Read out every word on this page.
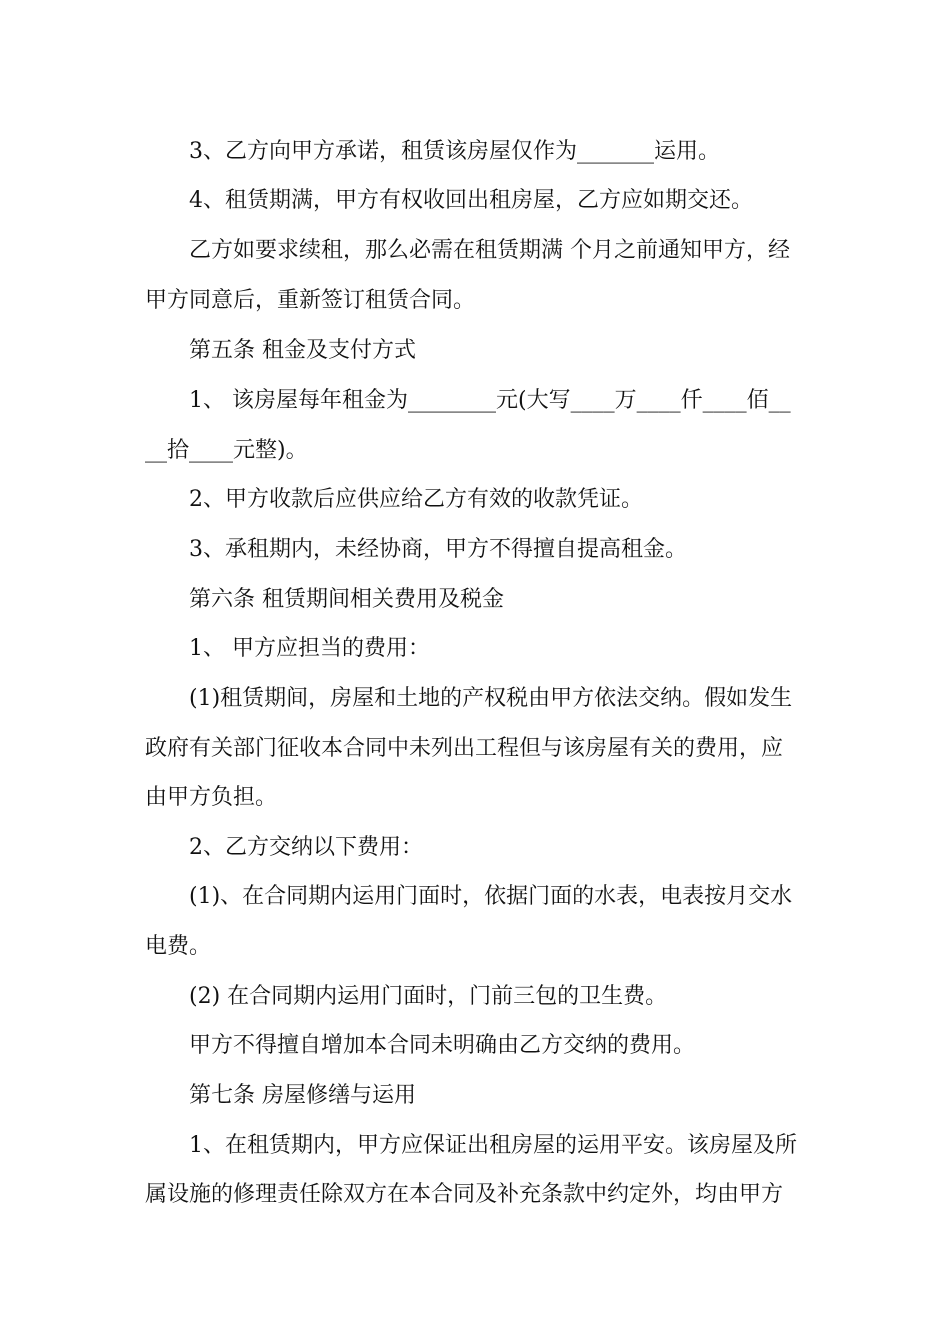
3、乙方向甲方承诺，租赁该房屋仅作为_______运用。
4、租赁期满，甲方有权收回出租房屋，乙方应如期交还。
乙方如要求续租，那么必需在租赁期满 个月之前通知甲方，经
甲方同意后，重新签订租赁合同。
第五条 租金及支付方式
1、 该房屋每年租金为________元(大写____万____仟____佰__
__拾____元整)。
2、甲方收款后应供应给乙方有效的收款凭证。
3、承租期内，未经协商，甲方不得擅自提高租金。
第六条 租赁期间相关费用及税金
1、 甲方应担当的费用：
(1)租赁期间，房屋和土地的产权税由甲方依法交纳。假如发生
政府有关部门征收本合同中未列出工程但与该房屋有关的费用，应
由甲方负担。
2、乙方交纳以下费用：
(1)、在合同期内运用门面时，依据门面的水表，电表按月交水
电费。
(2) 在合同期内运用门面时，门前三包的卫生费。
甲方不得擅自增加本合同未明确由乙方交纳的费用。
第七条 房屋修缮与运用
1、在租赁期内，甲方应保证出租房屋的运用平安。该房屋及所
属设施的修理责任除双方在本合同及补充条款中约定外，均由甲方
